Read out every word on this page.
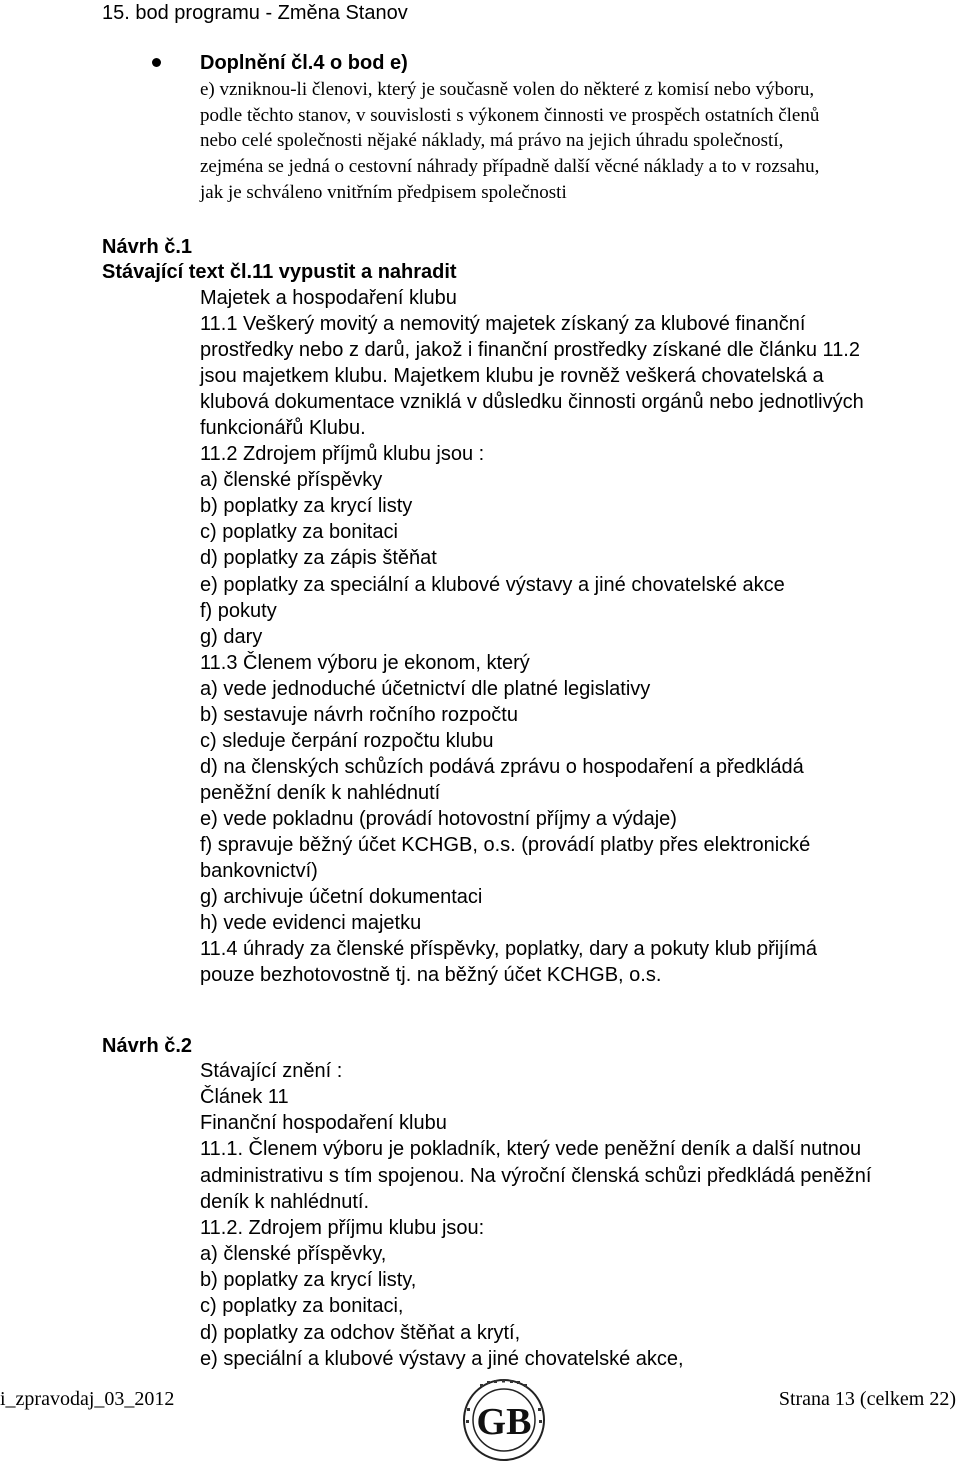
15. bod programu - Změna Stanov
Doplnění čl.4 o bod e)
e) vzniknou-li členovi, který je současně volen do některé z komisí nebo výboru,
podle těchto stanov, v souvislosti s výkonem činnosti ve prospěch ostatních členů
nebo celé společnosti nějaké náklady, má právo na jejich úhradu společností,
zejména se jedná o cestovní náhrady případně další věcné náklady a to v rozsahu,
jak je schváleno vnitřním předpisem společnosti
Návrh č.1
Stávající text čl.11 vypustit a nahradit
Majetek a hospodaření klubu
11.1 Veškerý movitý a nemovitý majetek získaný za klubové finanční
prostředky nebo z darů, jakož i finanční prostředky získané dle článku 11.2
jsou majetkem klubu. Majetkem klubu je rovněž veškerá chovatelská a
klubová dokumentace vzniklá v důsledku činnosti orgánů nebo jednotlivých
funkcionářů Klubu.
11.2 Zdrojem příjmů klubu jsou :
a) členské příspěvky
b) poplatky za krycí listy
c) poplatky za bonitaci
d) poplatky za zápis štěňat
e) poplatky za speciální a klubové výstavy a jiné chovatelské akce
f) pokuty
g) dary
11.3 Členem výboru je ekonom, který
a) vede jednoduché účetnictví dle platné legislativy
b) sestavuje návrh ročního rozpočtu
c) sleduje čerpání rozpočtu klubu
d) na členských schůzích podává zprávu o hospodaření a předkládá
peněžní deník k nahlédnutí
e) vede pokladnu (provádí hotovostní příjmy a výdaje)
f) spravuje běžný účet KCHGB, o.s. (provádí platby přes elektronické
bankovnictví)
g) archivuje účetní dokumentaci
h) vede evidenci majetku
11.4 úhrady za členské příspěvky, poplatky, dary a pokuty klub přijímá
pouze bezhotovostně tj. na běžný účet KCHGB, o.s.
Návrh č.2
Stávající znění :
Článek 11
Finanční hospodaření klubu
11.1. Členem výboru je pokladník, který vede peněžní deník a další nutnou
administrativu s tím spojenou. Na výroční členská schůzi předkládá peněžní
deník k nahlédnutí.
11.2. Zdrojem příjmu klubu jsou:
a) členské příspěvky,
b) poplatky za krycí listy,
c) poplatky za bonitaci,
d) poplatky za odchov štěňat a krytí,
e) speciální a klubové výstavy a jiné chovatelské akce,
i_zpravodaj_03_2012	Strana 13 (celkem 22)
GB
